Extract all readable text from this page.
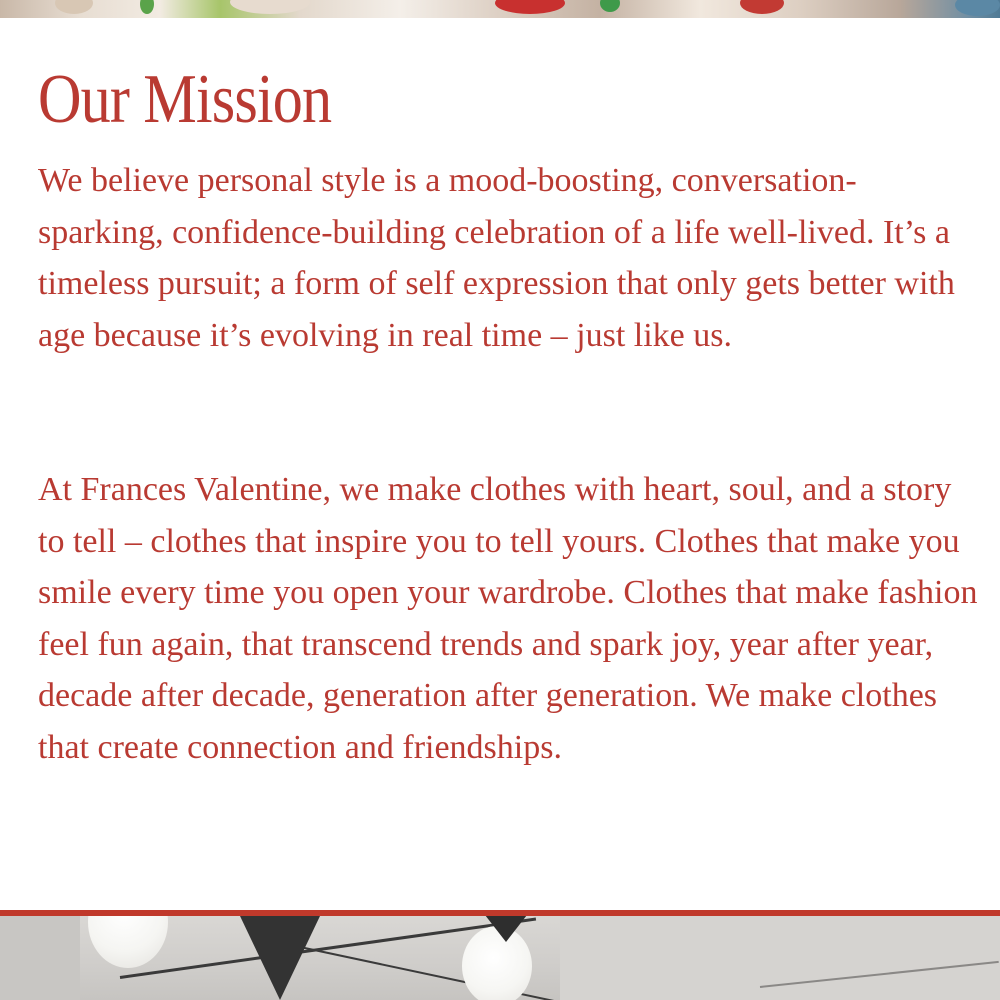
Our Mission

We believe personal style is a mood-boosting, conversation-sparking, confidence-building celebration of a life well-lived. It’s a timeless pursuit; a form of self expression that only gets better with age because it’s evolving in real time – just like us.

At Frances Valentine, we make clothes with heart, soul, and a story to tell – clothes that inspire you to tell yours. Clothes that make you smile every time you open your wardrobe. Clothes that make fashion feel fun again, that transcend trends and spark joy, year after year, decade after decade, generation after generation. We make clothes that create connection and friendships.
